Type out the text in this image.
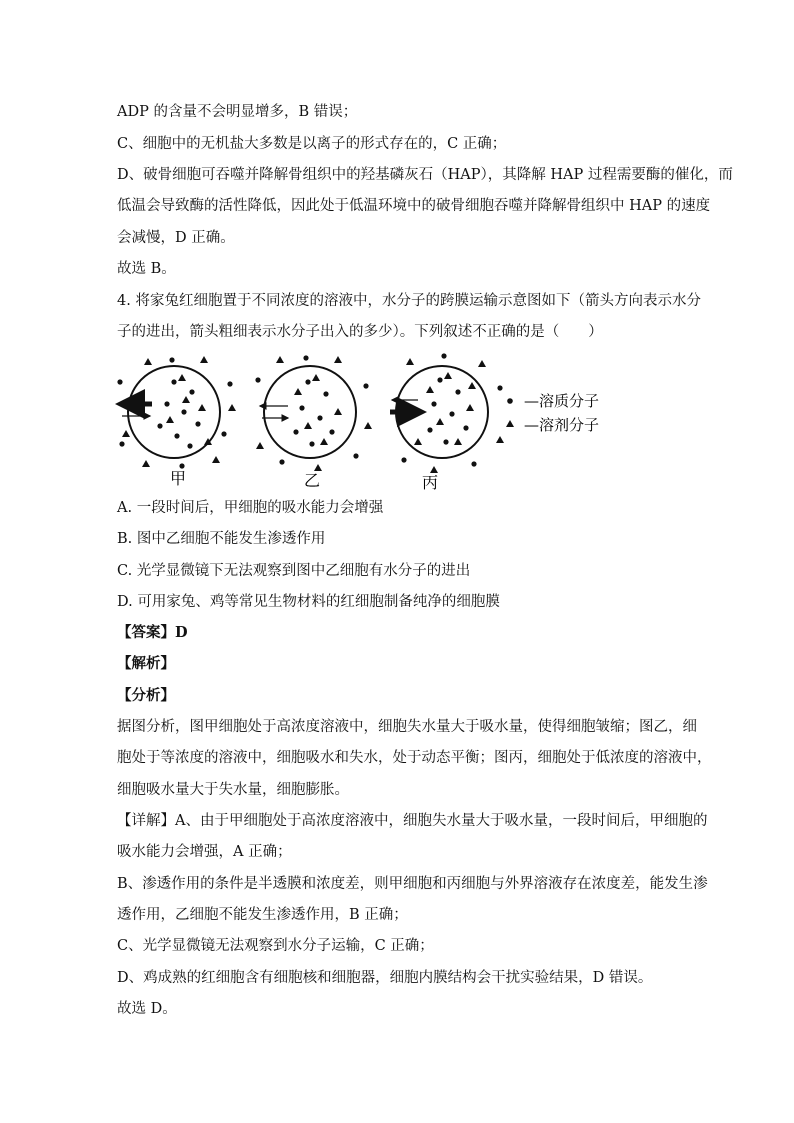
ADP 的含量不会明显增多，B 错误；
C、细胞中的无机盐大多数是以离子的形式存在的，C 正确；
D、破骨细胞可吞噬并降解骨组织中的羟基磷灰石（HAP），其降解 HAP 过程需要酶的催化，而
低温会导致酶的活性降低，因此处于低温环境中的破骨细胞吞噬并降解骨组织中 HAP 的速度
会减慢，D 正确。
故选 B。
4. 将家兔红细胞置于不同浓度的溶液中，水分子的跨膜运输示意图如下（箭头方向表示水分
子的进出，箭头粗细表示水分子出入的多少）。下列叙述不正确的是（　　）
甲	乙	丙
—溶质分子
—溶剂分子
A. 一段时间后，甲细胞的吸水能力会增强
B. 图中乙细胞不能发生渗透作用
C. 光学显微镜下无法观察到图中乙细胞有水分子的进出
D. 可用家兔、鸡等常见生物材料的红细胞制备纯净的细胞膜
【答案】D
【解析】
【分析】
据图分析，图甲细胞处于高浓度溶液中，细胞失水量大于吸水量，使得细胞皱缩；图乙，细
胞处于等浓度的溶液中，细胞吸水和失水，处于动态平衡；图丙，细胞处于低浓度的溶液中，
细胞吸水量大于失水量，细胞膨胀。
【详解】A、由于甲细胞处于高浓度溶液中，细胞失水量大于吸水量，一段时间后，甲细胞的
吸水能力会增强，A 正确；
B、渗透作用的条件是半透膜和浓度差，则甲细胞和丙细胞与外界溶液存在浓度差，能发生渗
透作用，乙细胞不能发生渗透作用，B 正确；
C、光学显微镜无法观察到水分子运输，C 正确；
D、鸡成熟的红细胞含有细胞核和细胞器，细胞内膜结构会干扰实验结果，D 错误。
故选 D。
